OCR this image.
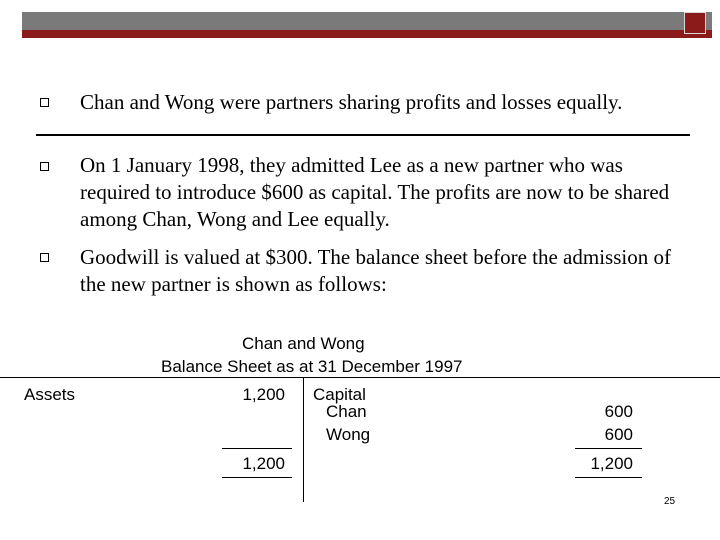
Chan and Wong were partners sharing profits and losses equally.
On 1 January 1998, they admitted Lee as a new partner who was required to introduce $600 as capital. The profits are now to be shared among Chan, Wong and Lee equally.
Goodwill is valued at $300. The balance sheet before the admission of the new partner is shown as follows:
Chan and Wong
Balance Sheet as at 31 December 1997
Assets	1,200
1,200
Capital
Chan	600
Wong	600
1,200
25
